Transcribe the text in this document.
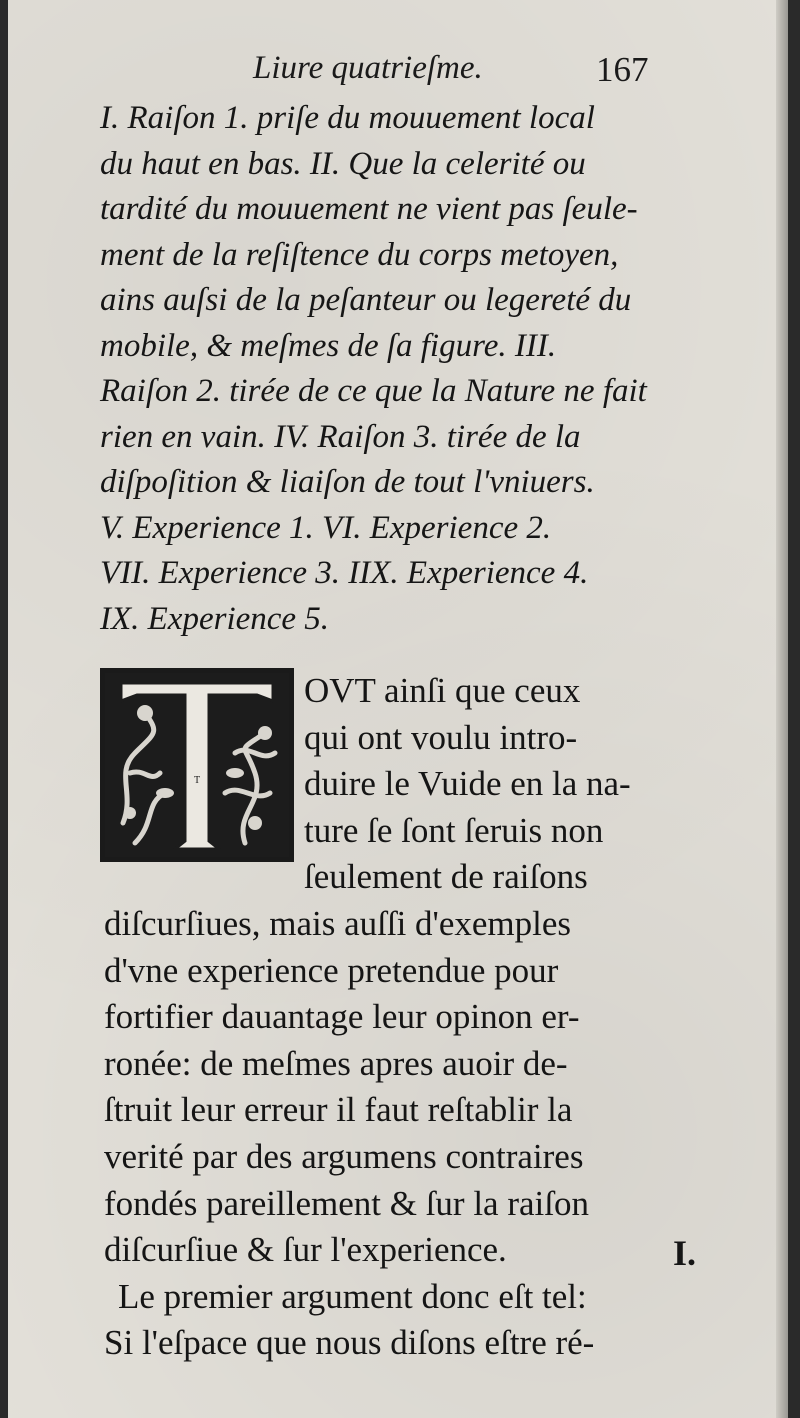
Liure quatrieſme.	167
I. Raiſon 1. priſe du mouuement local
du haut en bas. II. Que la celerité ou
tardité du mouuement ne vient pas ſeule-
ment de la reſiſtence du corps metoyen,
ains auſsi de la peſanteur ou legereté du
mobile, & meſmes de ſa figure. III.
Raiſon 2. tirée de ce que la Nature ne fait
rien en vain. IV. Raiſon 3. tirée de la
diſpoſition & liaiſon de tout l'vniuers.
V. Experience 1. VI. Experience 2.
VII. Experience 3. IIX. Experience 4.
IX. Experience 5.
T
OVT ainſi que ceux
qui ont voulu intro-
duire le Vuide en la na-
ture ſe ſont ſeruis non
ſeulement de raiſons
diſcurſiues, mais auſſi d'exemples
d'vne experience pretendue pour
fortifier dauantage leur opinon er-
ronée: de meſmes apres auoir de-
ſtruit leur erreur il faut reſtablir la
verité par des argumens contraires
fondés pareillement & ſur la raiſon
diſcurſiue & ſur l'experience.
Le premier argument donc eſt tel:
Si l'eſpace que nous diſons eſtre ré-
I.
